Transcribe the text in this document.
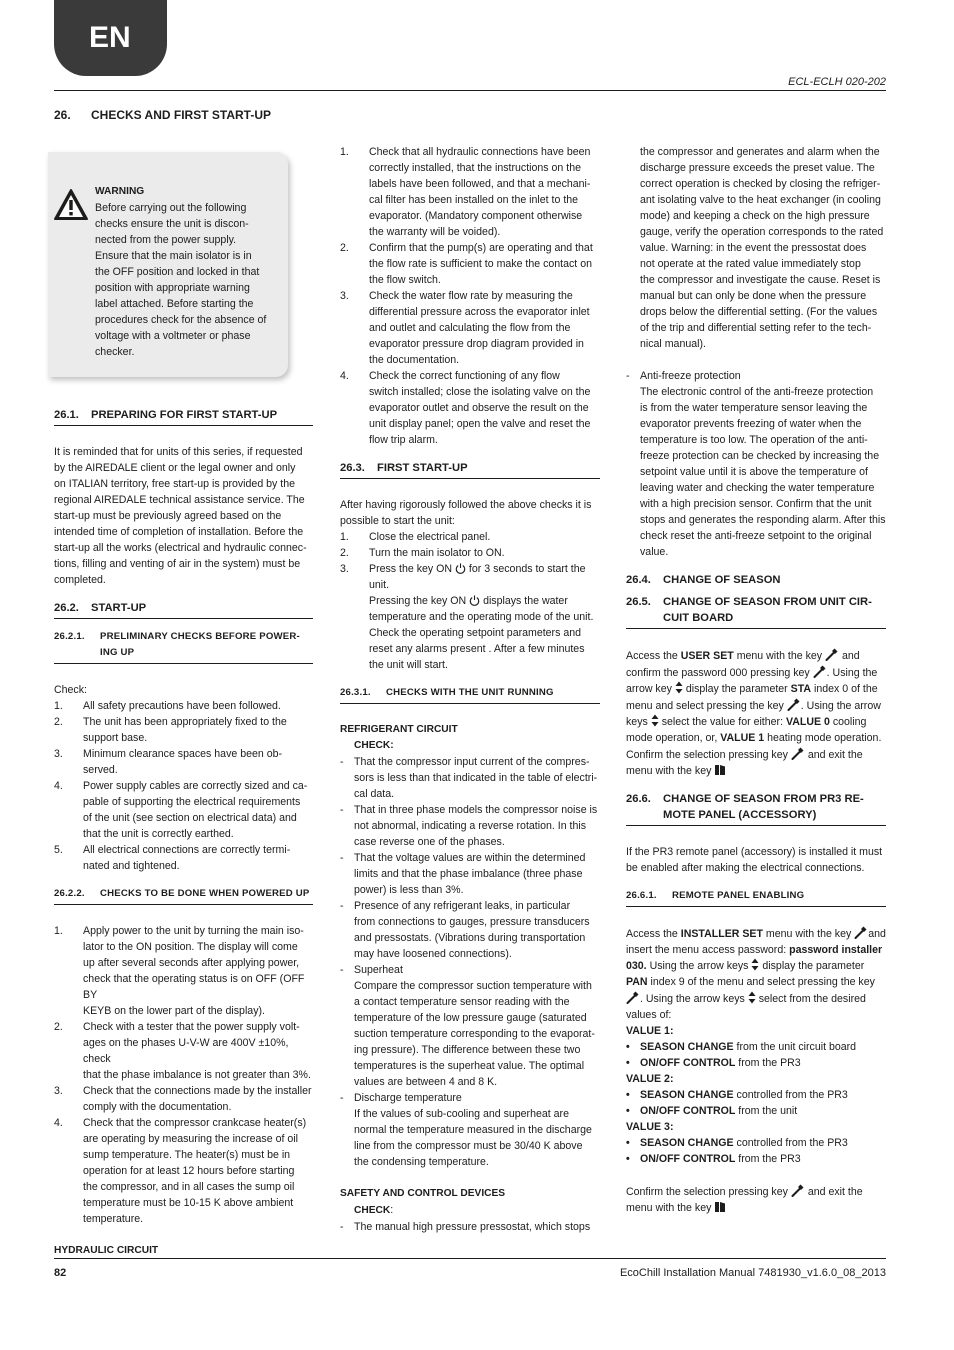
EN
ECL-ECLH 020-202
26. CHECKS AND FIRST START-UP

WARNING

Before carrying out the following

checks ensure the unit is discon-

nected from the power supply.

Ensure that the main isolator is in

the OFF position and locked in that

position with appropriate warning

label attached. Before starting the

procedures check for the absence of

voltage with a voltmeter or phase

checker.

26.1.	PREPARING FOR FIRST START-UP

It is reminded that for units of this series, if requested

by the AIREDALE client or the legal owner and only

on ITALIAN territory, free start-up is provided by the

regional AIREDALE technical assistance service. The

start-up must be previously agreed based on the

intended time of completion of installation. Before the

start-up all the works (electrical and hydraulic connec-

tions, filling and venting of air in the system) must be

completed.

26.2.	START-UP
26.2.1.	PRELIMINARY CHECKS BEFORE POWER-
ING UP

Check:

1.	All safety precautions have been followed.
2.	The unit has been appropriately fixed to the
support base.
3.	Minimum clearance spaces have been ob-
served.
4.	Power supply cables are correctly sized and ca-
pable of supporting the electrical requirements
of the unit (see section on electrical data) and
that the unit is correctly earthed.
5.	All electrical connections are correctly termi-
nated and tightened.
26.2.2.	CHECKS TO BE DONE WHEN POWERED UP
1.	Apply power to the unit by turning the main iso-
lator to the ON position. The display will come
up after several seconds after applying power,
check that the operating status is on OFF (OFF BY
KEYB on the lower part of the display).
2.	Check with a tester that the power supply volt-
ages on the phases U-V-W are 400V ±10%, check
that the phase imbalance is not greater than 3%.
3.	Check that the connections made by the installer
comply with the documentation.
4.	Check that the compressor crankcase heater(s)
are operating by measuring the increase of oil
sump temperature. The heater(s) must be in
operation for at least 12 hours before starting
the compressor, and in all cases the sump oil
temperature must be 10-15 K above ambient
temperature.

HYDRAULIC CIRCUIT

1.	Check that all hydraulic connections have been
correctly installed, that the instructions on the
labels have been followed, and that a mechani-
cal filter has been installed on the inlet to the
evaporator. (Mandatory component otherwise
the warranty will be voided).
2.	Confirm that the pump(s) are operating and that
the flow rate is sufficient to make the contact on
the flow switch.
3.	Check the water flow rate by measuring the
differential pressure across the evaporator inlet
and outlet and calculating the flow from the
evaporator pressure drop diagram provided in
the documentation.
4.	Check the correct functioning of any flow
switch installed; close the isolating valve on the
evaporator outlet and observe the result on the
unit display panel; open the valve and reset the
flow trip alarm.
26.3.	FIRST START-UP

After having rigorously followed the above checks it is

possible to start the unit:

1.	Close the electrical panel.
2.	Turn the main isolator to ON.
3.	Press the key ON for 3 seconds to start the
unit.
Pressing the key ON displays the water
temperature and the operating mode of the unit.
Check the operating setpoint parameters and
reset any alarms present . After a few minutes
the unit will start.
26.3.1.	CHECKS WITH THE UNIT RUNNING

REFRIGERANT CIRCUIT

CHECK:

- That the compressor input current of the compres-
sors is less than that indicated in the table of electri-
cal data.
- That in three phase models the compressor noise is
not abnormal, indicating a reverse rotation. In this
case reverse one of the phases.
- That the voltage values are within the determined
limits and that the phase imbalance (three phase
power) is less than 3%.
- Presence of any refrigerant leaks, in particular
from connections to gauges, pressure transducers
and pressostats. (Vibrations during transportation
may have loosened connections).
- Superheat
Compare the compressor suction temperature with
a contact temperature sensor reading with the
temperature of the low pressure gauge (saturated
suction temperature corresponding to the evaporat-
ing pressure). The difference between these two
temperatures is the superheat value. The optimal
values are between 4 and 8 K.
- Discharge temperature
If the values of sub-cooling and superheat are
normal the temperature measured in the discharge
line from the compressor must be 30/40 K above
the condensing temperature.

SAFETY AND CONTROL DEVICES

CHECK:

- The manual high pressure pressostat, which stops

the compressor and generates and alarm when the

discharge pressure exceeds the preset value. The

correct operation is checked by closing the refriger-

ant isolating valve to the heat exchanger (in cooling

mode) and keeping a check on the high pressure

gauge, verify the operation corresponds to the rated

value. Warning: in the event the pressostat does

not operate at the rated value immediately stop

the compressor and investigate the cause. Reset is

manual but can only be done when the pressure

drops below the differential setting. (For the values

of the trip and differential setting refer to the tech-

nical manual).

- Anti-freeze protection
The electronic control of the anti-freeze protection
is from the water temperature sensor leaving the
evaporator prevents freezing of water when the
temperature is too low. The operation of the anti-
freeze protection can be checked by increasing the
setpoint value until it is above the temperature of
leaving water and checking the water temperature
with a high precision sensor. Confirm that the unit
stops and generates the responding alarm. After this
check reset the anti-freeze setpoint to the original
value.
26.4.	CHANGE OF SEASON
26.5.	CHANGE OF SEASON FROM UNIT CIR-
CUIT BOARD

Access the USER SET menu with the key  and

confirm the password 000 pressing key . Using the

arrow key display the parameter STA index 0 of the

menu and select pressing the key . Using the arrow

keys select the value for either: VALUE 0 cooling

mode operation, or, VALUE 1 heating mode operation.

Confirm the selection pressing key  and exit the

menu with the key

26.6.	CHANGE OF SEASON FROM PR3 RE-
MOTE PANEL (ACCESSORY)

If the PR3 remote panel (accessory) is installed it must

be enabled after making the electrical connections.

26.6.1.	REMOTE PANEL ENABLING

Access the INSTALLER SET menu with the key and

insert the menu access password: password installer

030. Using the arrow keys  display the parameter

PAN index 9 of the menu and select pressing the key

. Using the arrow keys select from the desired

values of:

VALUE 1:

• SEASON CHANGE from the unit circuit board
• ON/OFF CONTROL from the PR3

VALUE 2:

• SEASON CHANGE controlled from the PR3
• ON/OFF CONTROL from the unit

VALUE 3:

• SEASON CHANGE controlled from the PR3
• ON/OFF CONTROL from the PR3

Confirm the selection pressing key  and exit the

menu with the key

82	EcoChill Installation Manual 7481930_v1.6.0_08_2013
